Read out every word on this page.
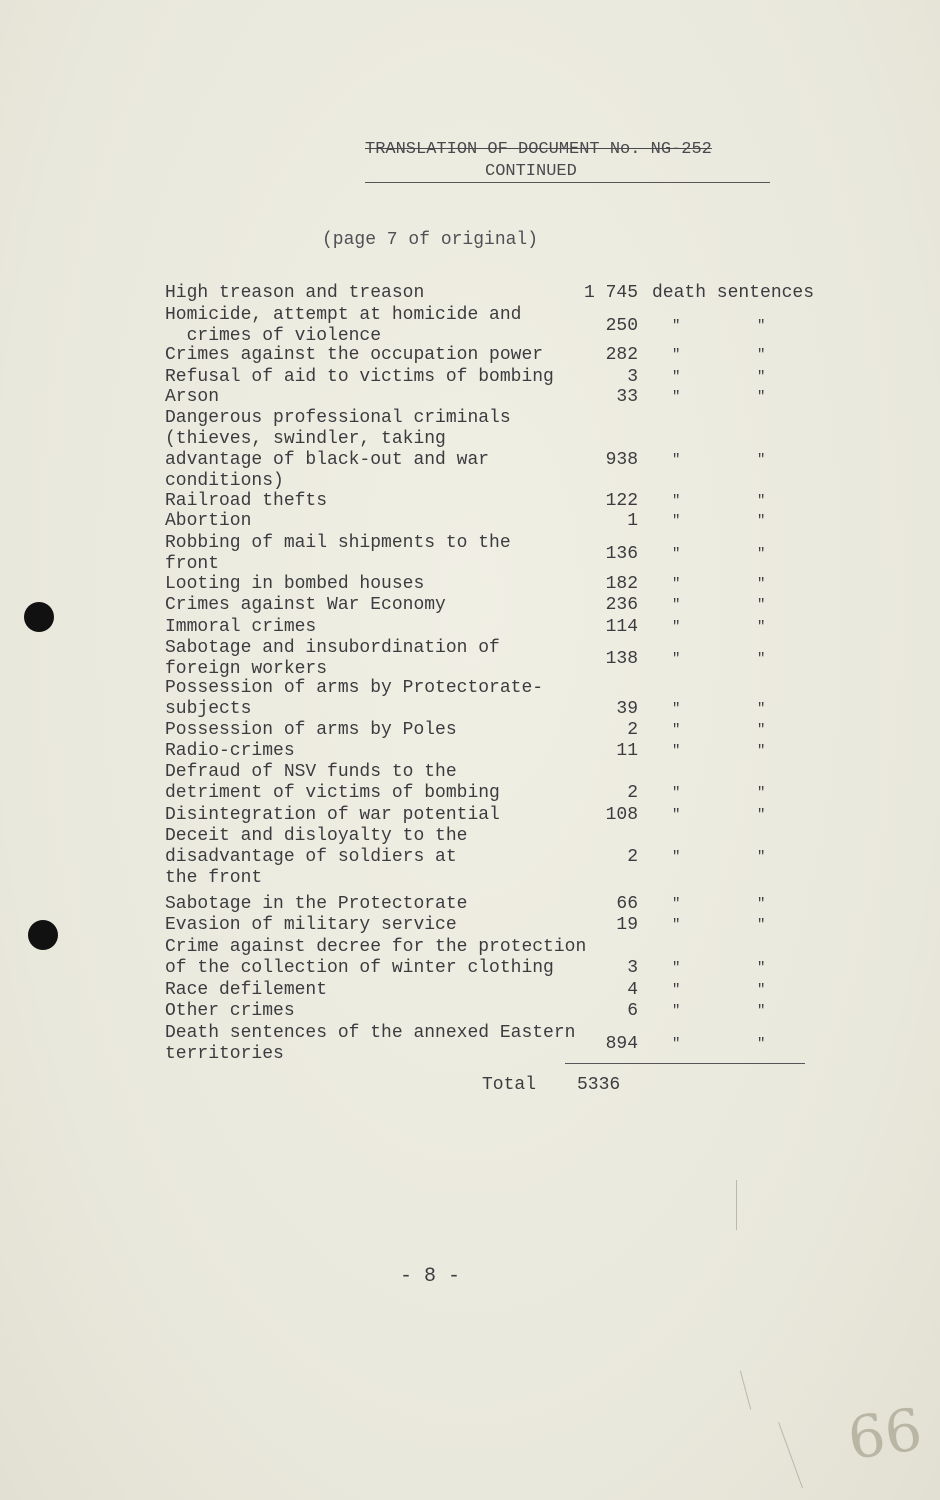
TRANSLATION OF DOCUMENT No. NG-252
CONTINUED
(page 7 of original)
High treason and treason	1 745 death sentences
Homicide, attempt at homicide and
crimes of violence
250 "	"
Crimes against the occupation power	282 "	"
Refusal of aid to victims of bombing	3 "	"
Arson	33 "	"
Dangerous professional criminals
(thieves, swindler, taking
advantage of black-out and war
conditions)
938 "	"
Railroad thefts	122 "	"
Abortion	1 "	"
Robbing of mail shipments to the
front
136 "	"
Looting in bombed houses	182 "	"
Crimes against War Economy	236 "	"
Immoral crimes	114 "	"
Sabotage and insubordination of
foreign workers
138 "	"
Possession of arms by Protectorate-
subjects	39 "	"
Possession of arms by Poles	2 "	"
Radio-crimes	11 "	"
Defraud of NSV funds to the
detriment of victims of bombing	2 "	"
Disintegration of war potential	108 "	"
Deceit and disloyalty to the
disadvantage of soldiers at
the front
2 "	"
Sabotage in the Protectorate	66 "	"
Evasion of military service	19 "	"
Crime against decree for the protection
of the collection of winter clothing	3 "	"
Race defilement	4 "	"
Other crimes	6 "	"
Death sentences of the annexed Eastern
territories
894 "	"
Total 5336
- 8 -
66
